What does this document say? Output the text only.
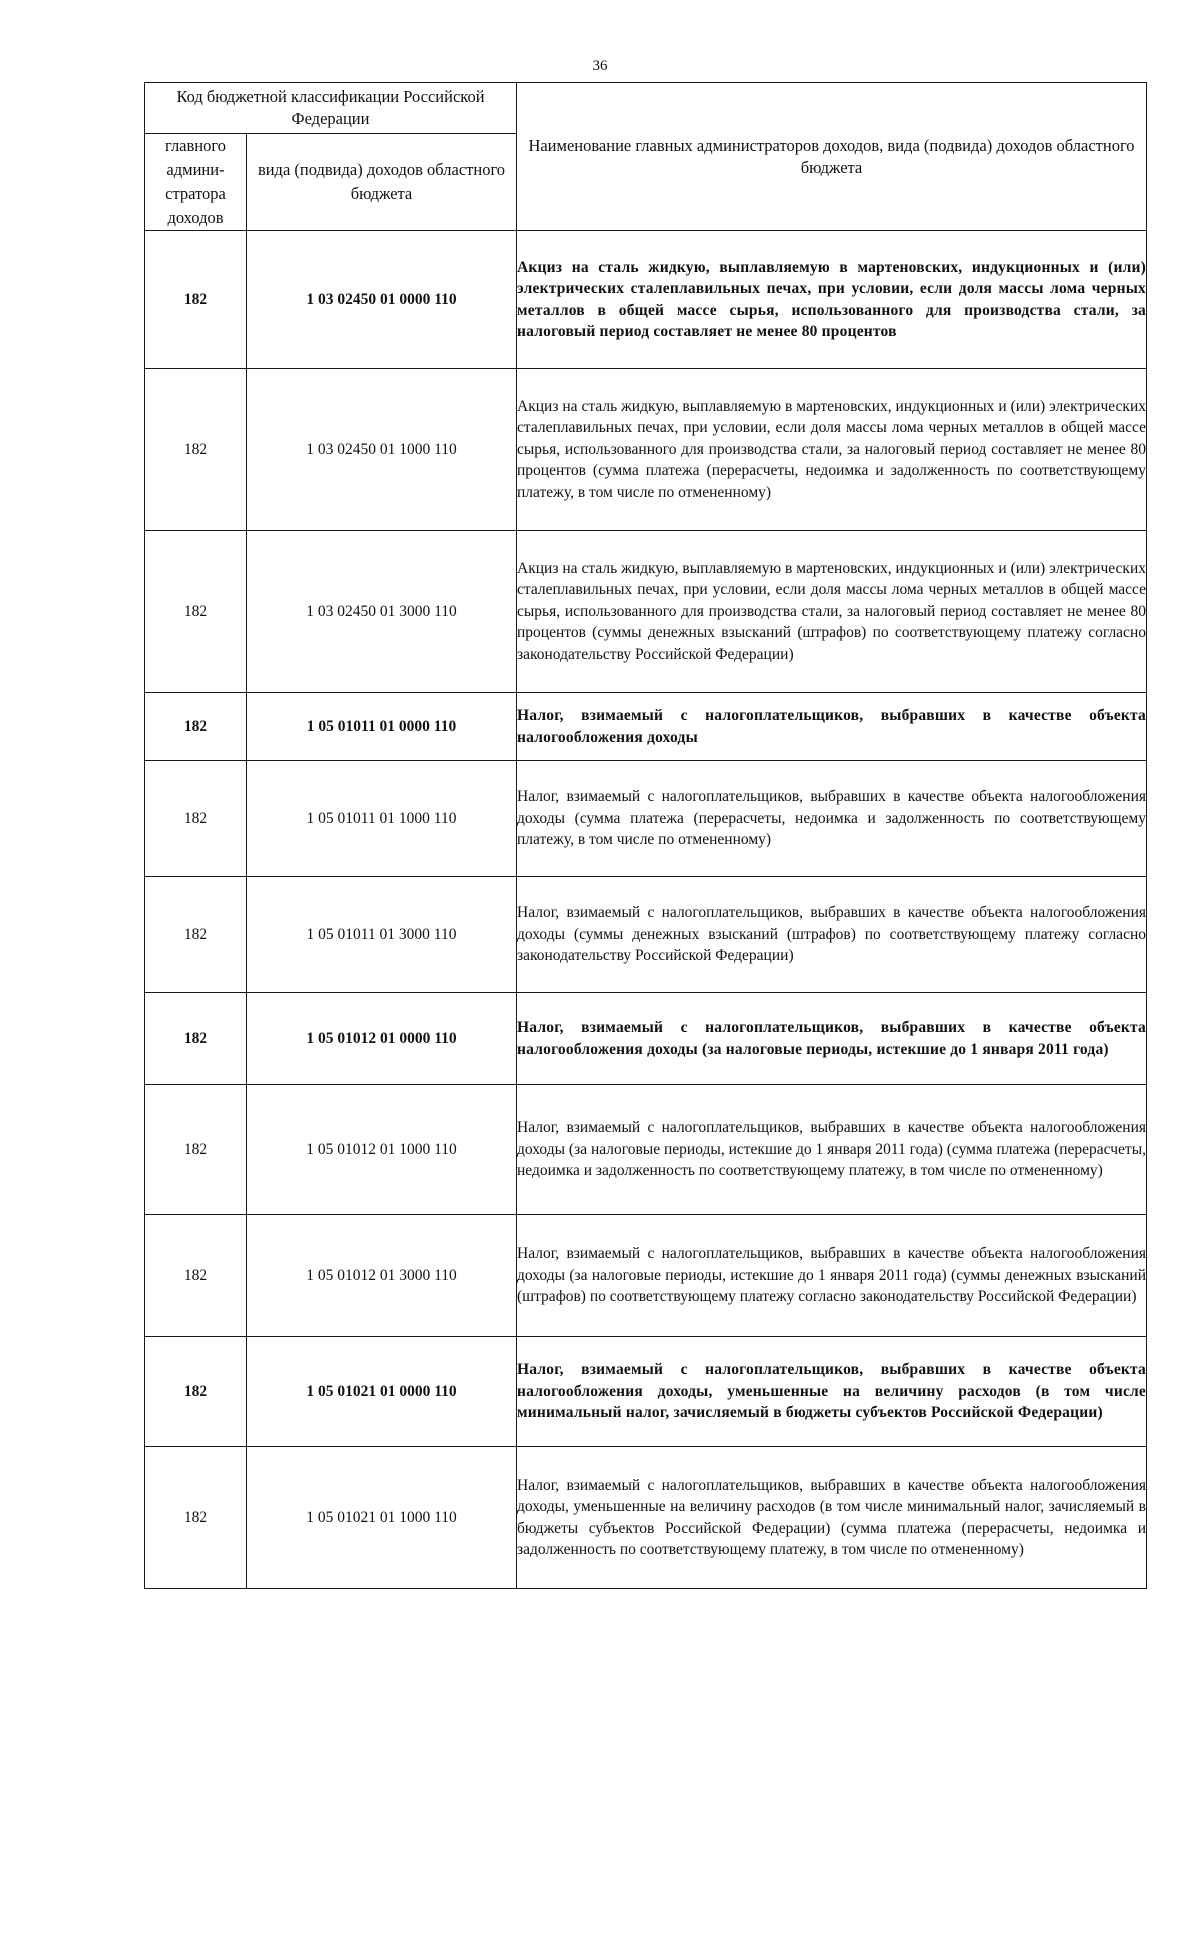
36
Код бюджетной классификации Российской Федерации		Наименование главных администраторов доходов, вида (подвида) доходов областного бюджета
главного админи-стратора доходов	вида (подвида) доходов областного бюджета	
182	1 03 02450 01 0000 110	Акциз на сталь жидкую, выплавляемую в мартеновских, индукционных и (или) электрических сталеплавильных печах, при условии, если доля массы лома черных металлов в общей массе сырья, использованного для производства стали, за налоговый период составляет не менее 80 процентов
182	1 03 02450 01 1000 110	Акциз на сталь жидкую, выплавляемую в мартеновских, индукционных и (или) электрических сталеплавильных печах, при условии, если доля массы лома черных металлов в общей массе сырья, использованного для производства стали, за налоговый период составляет не менее 80 процентов (сумма платежа (перерасчеты, недоимка и задолженность по соответствующему платежу, в том числе по отмененному)
182	1 03 02450 01 3000 110	Акциз на сталь жидкую, выплавляемую в мартеновских, индукционных и (или) электрических сталеплавильных печах, при условии, если доля массы лома черных металлов в общей массе сырья, использованного для производства стали, за налоговый период составляет не менее 80 процентов (суммы денежных взысканий (штрафов) по соответствующему платежу согласно законодательству Российской Федерации)
182	1 05 01011 01 0000 110	Налог, взимаемый с налогоплательщиков, выбравших в качестве объекта налогообложения доходы
182	1 05 01011 01 1000 110	Налог, взимаемый с налогоплательщиков, выбравших в качестве объекта налогообложения доходы (сумма платежа (перерасчеты, недоимка и задолженность по соответствующему платежу, в том числе по отмененному)
182	1 05 01011 01 3000 110	Налог, взимаемый с налогоплательщиков, выбравших в качестве объекта налогообложения доходы (суммы денежных взысканий (штрафов) по соответствующему платежу согласно законодательству Российской Федерации)
182	1 05 01012 01 0000 110	Налог, взимаемый с налогоплательщиков, выбравших в качестве объекта налогообложения доходы (за налоговые периоды, истекшие до 1 января 2011 года)
182	1 05 01012 01 1000 110	Налог, взимаемый с налогоплательщиков, выбравших в качестве объекта налогообложения доходы (за налоговые периоды, истекшие до 1 января 2011 года) (сумма платежа (перерасчеты, недоимка и задолженность по соответствующему платежу, в том числе по отмененному)
182	1 05 01012 01 3000 110	Налог, взимаемый с налогоплательщиков, выбравших в качестве объекта налогообложения доходы (за налоговые периоды, истекшие до 1 января 2011 года) (суммы денежных взысканий (штрафов) по соответствующему платежу согласно законодательству Российской Федерации)
182	1 05 01021 01 0000 110	Налог, взимаемый с налогоплательщиков, выбравших в качестве объекта налогообложения доходы, уменьшенные на величину расходов (в том числе минимальный налог, зачисляемый в бюджеты субъектов Российской Федерации)
182	1 05 01021 01 1000 110	Налог, взимаемый с налогоплательщиков, выбравших в качестве объекта налогообложения доходы, уменьшенные на величину расходов (в том числе минимальный налог, зачисляемый в бюджеты субъектов Российской Федерации) (сумма платежа (перерасчеты, недоимка и задолженность по соответствующему платежу, в том числе по отмененному)
